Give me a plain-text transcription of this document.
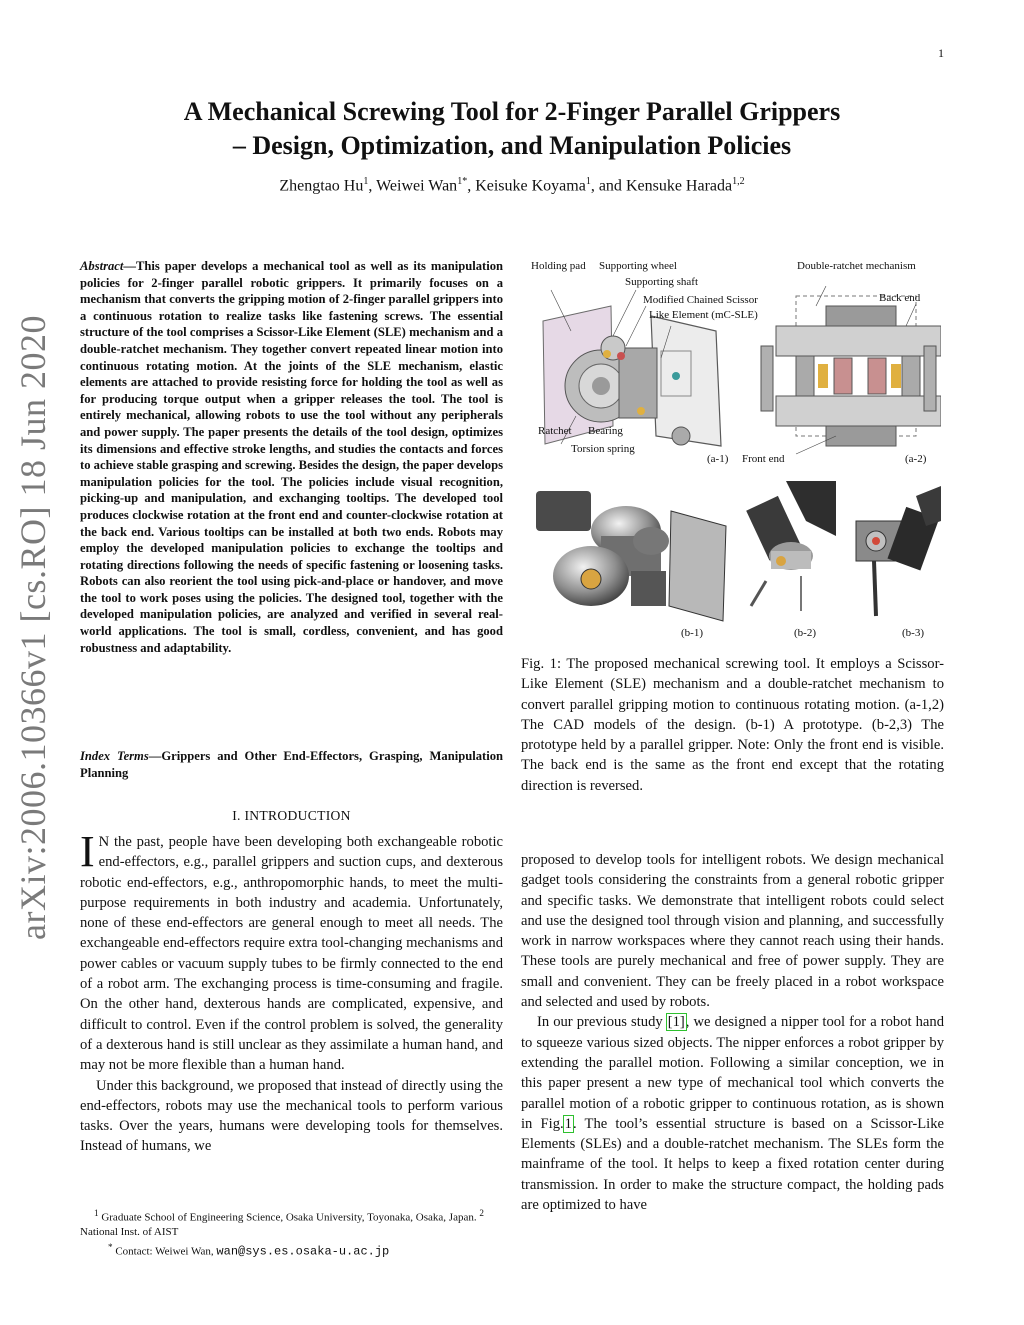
1
arXiv:2006.10366v1 [cs.RO] 18 Jun 2020
A Mechanical Screwing Tool for 2-Finger Parallel Grippers
– Design, Optimization, and Manipulation Policies
Zhengtao Hu$^1$, Weiwei Wan$^{1*}$, Keisuke Koyama$^1$, and Kensuke Harada$^{1,2}$
Abstract—This paper develops a mechanical tool as well as its manipulation policies for 2-finger parallel robotic grippers. It primarily focuses on a mechanism that converts the gripping motion of 2-finger parallel grippers into a continuous rotation to realize tasks like fastening screws. The essential structure of the tool comprises a Scissor-Like Element (SLE) mechanism and a double-ratchet mechanism. They together convert repeated linear motion into continuous rotating motion. At the joints of the SLE mechanism, elastic elements are attached to provide resisting force for holding the tool as well as for producing torque output when a gripper releases the tool. The tool is entirely mechanical, allowing robots to use the tool without any peripherals and power supply. The paper presents the details of the tool design, optimizes its dimensions and effective stroke lengths, and studies the contacts and forces to achieve stable grasping and screwing. Besides the design, the paper develops manipulation policies for the tool. The policies include visual recognition, picking-up and manipulation, and exchanging tooltips. The developed tool produces clockwise rotation at the front end and counter-clockwise rotation at the back end. Various tooltips can be installed at both two ends. Robots may employ the developed manipulation policies to exchange the tooltips and rotating directions following the needs of specific fastening or loosening tasks. Robots can also reorient the tool using pick-and-place or handover, and move the tool to work poses using the policies. The designed tool, together with the developed manipulation policies, are analyzed and verified in several real-world applications. The tool is small, cordless, convenient, and has good robustness and adaptability.
Index Terms—Grippers and Other End-Effectors, Grasping, Manipulation Planning
I. INTRODUCTION

I N the past, people have been developing both exchangeable robotic end-effectors, e.g., parallel grippers and suction cups, and dexterous robotic end-effectors, e.g., anthropomorphic hands, to meet the multi-purpose requirements in both industry and academia. Unfortunately, none of these end-effectors are general enough to meet all needs. The exchangeable end-effectors require extra tool-changing mechanisms and power cables or vacuum supply tubes to be firmly connected to the end of a robot arm. The exchanging process is time-consuming and fragile. On the other hand, dexterous hands are complicated, expensive, and difficult to control. Even if the control problem is solved, the generality of a dexterous hand is still unclear as they assimilate a human hand, and may not be more flexible than a human hand.

Under this background, we proposed that instead of directly using the end-effectors, robots may use the mechanical tools to perform various tasks. Over the years, humans were developing tools for themselves. Instead of humans, we

$^1$ Graduate School of Engineering Science, Osaka University, Toyonaka, Osaka, Japan. $^2$ National Inst. of AIST
* Contact: Weiwei Wan, wan@sys.es.osaka-u.ac.jp
Holding pad Supporting wheel
Supporting shaft
Modified Chained Scissor
Like Element (mC-SLE)
Double-ratchet mechanism
Back end
Ratchet Bearing
Torsion spring
(a-1) Front end	(a-2)
(b-1)	(b-2)	(b-3)
Fig. 1: The proposed mechanical screwing tool. It employs a Scissor-Like Element (SLE) mechanism and a double-ratchet mechanism to convert parallel gripping motion to continuous rotating motion. (a-1,2) The CAD models of the design. (b-1) A prototype. (b-2,3) The prototype held by a parallel gripper. Note: Only the front end is visible. The back end is the same as the front end except that the rotating direction is reversed.

proposed to develop tools for intelligent robots. We design mechanical gadget tools considering the constraints from a general robotic gripper and specific tasks. We demonstrate that intelligent robots could select and use the designed tool through vision and planning, and successfully work in narrow workspaces where they cannot reach using their hands. These tools are purely mechanical and free of power supply. They are small and convenient. They can be freely placed in a robot workspace and selected and used by robots.

In our previous study [1], we designed a nipper tool for a robot hand to squeeze various sized objects. The nipper enforces a robot gripper by extending the parallel motion. Following a similar conception, we in this paper present a new type of mechanical tool which converts the parallel motion of a robotic gripper to continuous rotation, as is shown in Fig.1. The tool’s essential structure is based on a Scissor-Like Elements (SLEs) and a double-ratchet mechanism. The SLEs form the mainframe of the tool. It helps to keep a fixed rotation center during transmission. In order to make the structure compact, the holding pads are optimized to have
